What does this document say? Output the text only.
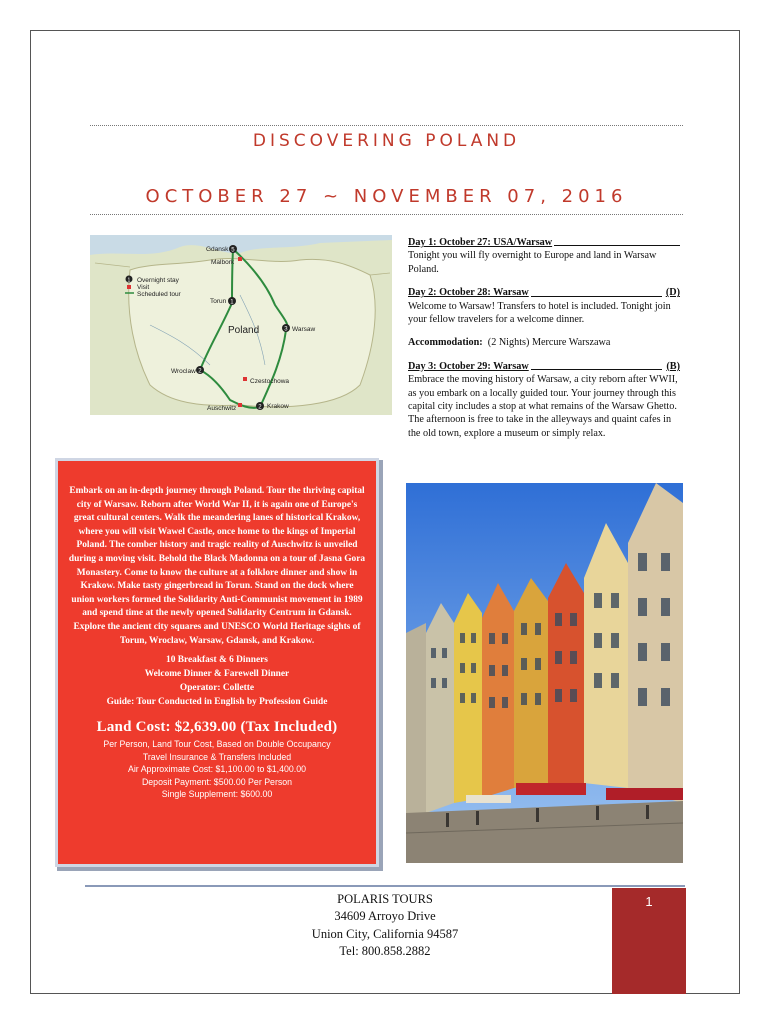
DISCOVERING POLAND
OCTOBER 27 ~ NOVEMBER 07, 2016
1 Overnight stay
Visit
Scheduled tour
5
Gdansk
Malbork
1
Torun
3 Warsaw
Poland
2
Wroclaw
Czestochowa
2 Krakow
Auschwitz
Day 1: October 27: USA/Warsaw

Tonight you will fly overnight to Europe and land in Warsaw Poland.

Day 2: October 28: Warsaw	(D)

Welcome to Warsaw! Transfers to hotel is included. Tonight join your fellow travelers for a welcome dinner.

Accommodation: (2 Nights) Mercure Warszawa
Day 3: October 29: Warsaw	(B)

Embrace the moving history of Warsaw, a city reborn after WWII, as you embark on a locally guided tour. Your journey through this capital city includes a stop at what remains of the Warsaw Ghetto. The afternoon is free to take in the alleyways and quaint cafes in the old town, explore a museum or simply relax.

Embark on an in-depth journey through Poland. Tour the thriving capital city of Warsaw. Reborn after World War II, it is again one of Europe's great cultural centers. Walk the meandering lanes of historical Krakow, where you will visit Wawel Castle, once home to the kings of Imperial Poland. The comber history and tragic reality of Auschwitz is unveiled during a moving visit. Behold the Black Madonna on a tour of Jasna Gora Monastery. Come to know the culture at a folklore dinner and show in Krakow. Make tasty gingerbread in Torun. Stand on the dock where union workers formed the Solidarity Anti-Communist movement in 1989 and spend time at the newly opened Solidarity Centrum in Gdansk. Explore the ancient city squares and UNESCO World Heritage sights of Torun, Wroclaw, Warsaw, Gdansk, and Krakow.

10 Breakfast & 6 Dinners
Welcome Dinner & Farewell Dinner
Operator: Collette
Guide: Tour Conducted in English by Profession Guide
Land Cost: $2,639.00 (Tax Included)
Per Person, Land Tour Cost, Based on Double Occupancy
Travel Insurance & Transfers Included
Air Approximate Cost: $1,100.00 to $1,400.00
Deposit Payment: $500.00 Per Person
Single Supplement: $600.00
POLARIS TOURS
34609 Arroyo Drive
Union City, California 94587
Tel: 800.858.2882
1
